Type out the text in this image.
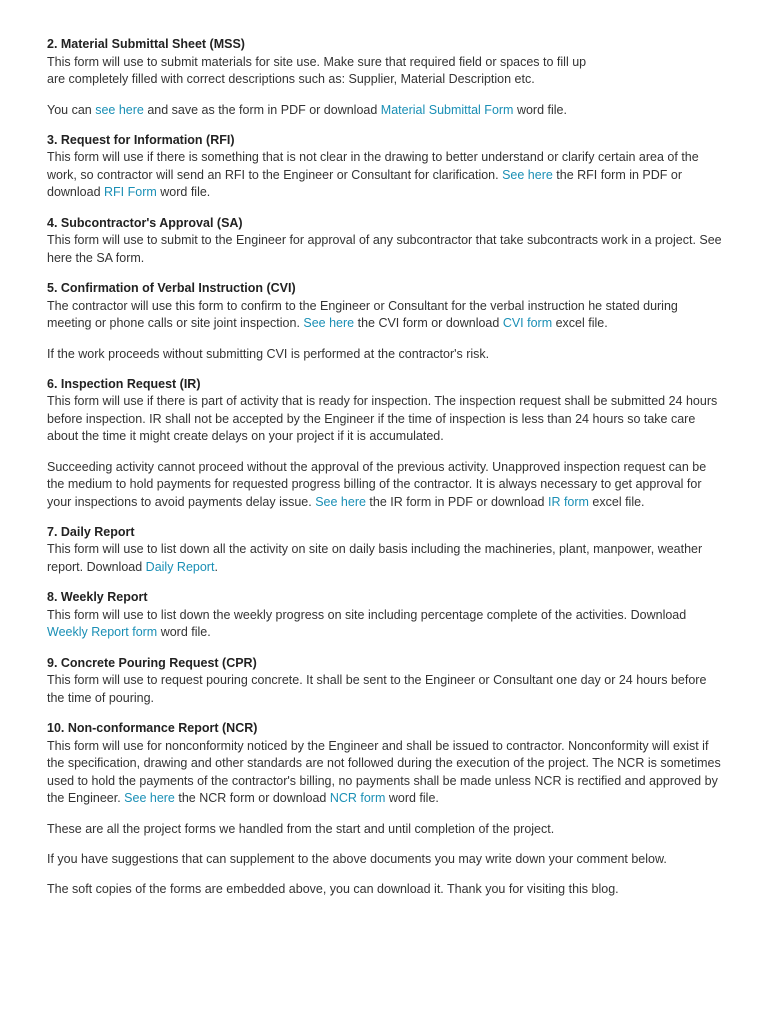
2. Material Submittal Sheet (MSS)
This form will use to submit materials for site use. Make sure that required field or spaces to fill up
are completely filled with correct descriptions such as: Supplier, Material Description etc.

You can see here and save as the form in PDF or download Material Submittal Form word file.

3. Request for Information (RFI)
This form will use if there is something that is not clear in the drawing to better understand or clarify certain area of the work, so contractor will send an RFI to the Engineer or Consultant for clarification. See here the RFI form in PDF or download RFI Form word file.
4. Subcontractor's Approval (SA)
This form will use to submit to the Engineer for approval of any subcontractor that take subcontracts work in a project. See here the SA form.
5. Confirmation of Verbal Instruction (CVI)
The contractor will use this form to confirm to the Engineer or Consultant for the verbal instruction he stated during meeting or phone calls or site joint inspection. See here the CVI form or download CVI form excel file.

If the work proceeds without submitting CVI is performed at the contractor's risk.

6. Inspection Request (IR)
This form will use if there is part of activity that is ready for inspection. The inspection request shall be submitted 24 hours before inspection. IR shall not be accepted by the Engineer if the time of inspection is less than 24 hours so take care about the time it might create delays on your project if it is accumulated.

Succeeding activity cannot proceed without the approval of the previous activity. Unapproved inspection request can be the medium to hold payments for requested progress billing of the contractor. It is always necessary to get approval for your inspections to avoid payments delay issue. See here the IR form in PDF or download IR form excel file.

7. Daily Report
This form will use to list down all the activity on site on daily basis including the machineries, plant, manpower, weather report. Download Daily Report.
8. Weekly Report
This form will use to list down the weekly progress on site including percentage complete of the activities. Download Weekly Report form word file.
9. Concrete Pouring Request (CPR)
This form will use to request pouring concrete. It shall be sent to the Engineer or Consultant one day or 24 hours before the time of pouring.
10. Non-conformance Report (NCR)
This form will use for nonconformity noticed by the Engineer and shall be issued to contractor. Nonconformity will exist if the specification, drawing and other standards are not followed during the execution of the project. The NCR is sometimes used to hold the payments of the contractor's billing, no payments shall be made unless NCR is rectified and approved by the Engineer. See here the NCR form or download NCR form word file.

These are all the project forms we handled from the start and until completion of the project.

If you have suggestions that can supplement to the above documents you may write down your comment below.

The soft copies of the forms are embedded above, you can download it. Thank you for visiting this blog.
